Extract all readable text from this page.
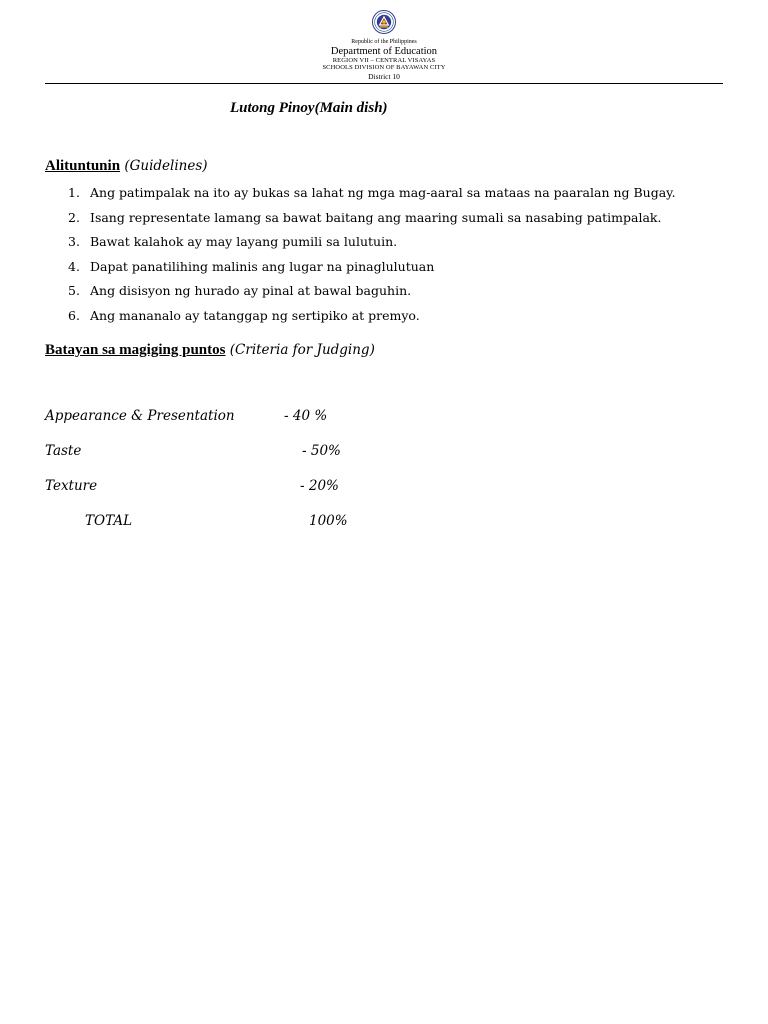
Republic of the Philippines
Department of Education
REGION VII – CENTRAL VISAYAS
SCHOOLS DIVISION OF BAYAWAN CITY
District 10
Lutong Pinoy(Main dish)
Alituntunin (Guidelines)
1. Ang patimpalak na ito ay bukas sa lahat ng mga mag-aaral sa mataas na paaralan ng Bugay.
2. Isang representate lamang sa bawat baitang ang maaring sumali sa nasabing patimpalak.
3. Bawat kalahok ay may layang pumili sa lulutuin.
4. Dapat panatilihing malinis ang lugar na pinaglulutuan
5. Ang disisyon ng hurado ay pinal at bawal baguhin.
6. Ang mananalo ay tatanggap ng sertipiko at premyo.
Batayan sa magiging puntos (Criteria for Judging)
Appearance & Presentation	- 40 %
Taste	- 50%
Texture	- 20%
TOTAL	100%
